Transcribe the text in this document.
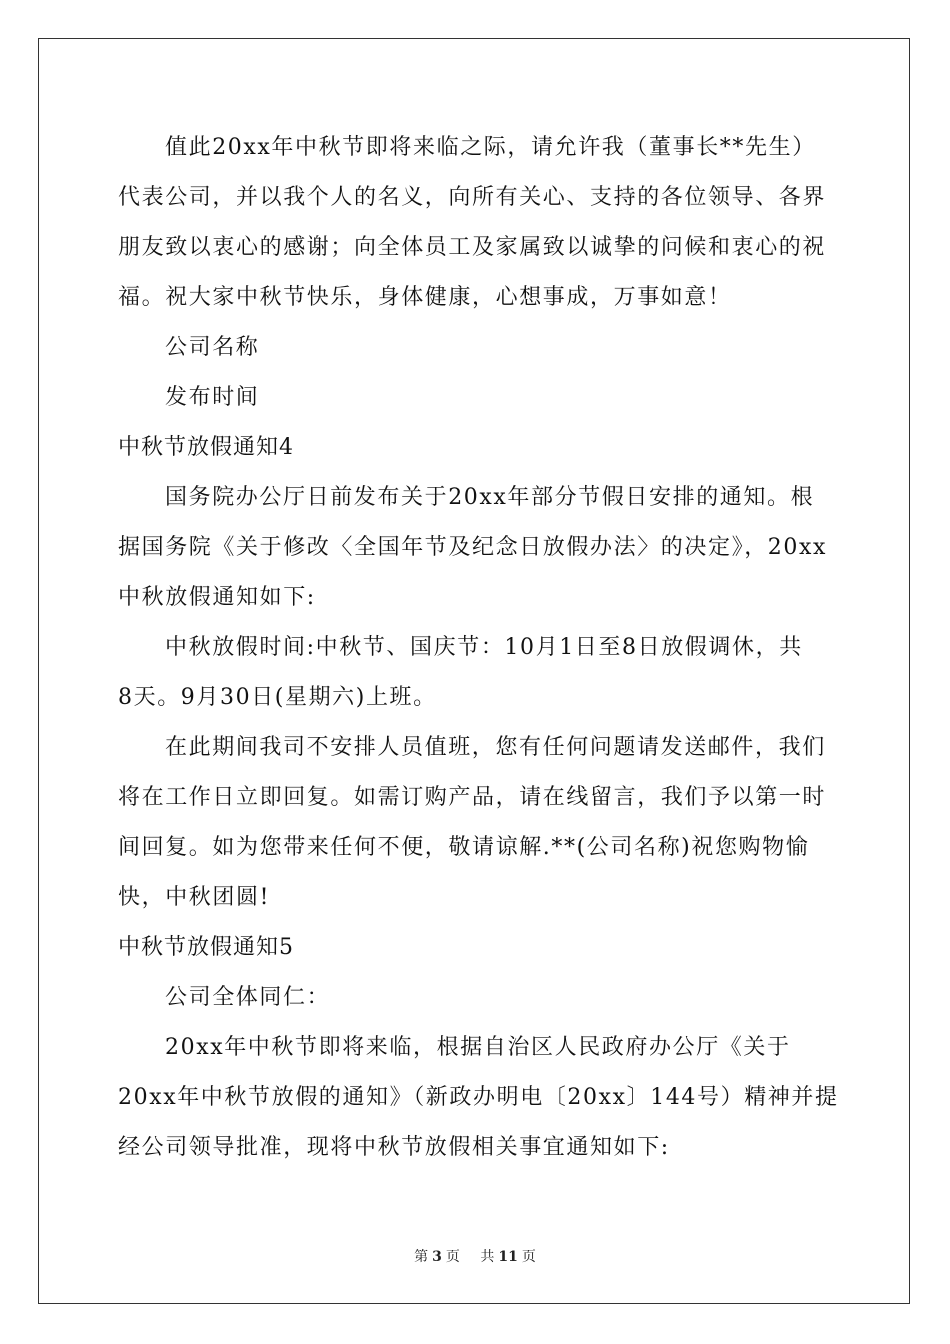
值此20xx年中秋节即将来临之际，请允许我（董事长**先生）
代表公司，并以我个人的名义，向所有关心、支持的各位领导、各界
朋友致以衷心的感谢；向全体员工及家属致以诚挚的问候和衷心的祝
福。祝大家中秋节快乐，身体健康，心想事成，万事如意！
公司名称
发布时间
中秋节放假通知4
国务院办公厅日前发布关于20xx年部分节假日安排的通知。根
据国务院《关于修改〈全国年节及纪念日放假办法〉的决定》，20xx
中秋放假通知如下:
中秋放假时间:中秋节、国庆节：10月1日至8日放假调休，共
8天。9月30日(星期六)上班。
在此期间我司不安排人员值班，您有任何问题请发送邮件，我们
将在工作日立即回复。如需订购产品，请在线留言，我们予以第一时
间回复。如为您带来任何不便，敬请谅解.**(公司名称)祝您购物愉
快，中秋团圆!
中秋节放假通知5
公司全体同仁：
20xx年中秋节即将来临，根据自治区人民政府办公厅《关于
20xx年中秋节放假的通知》（新政办明电〔20xx〕144号）精神并提
经公司领导批准，现将中秋节放假相关事宜通知如下:
第 3 页 共 11 页
